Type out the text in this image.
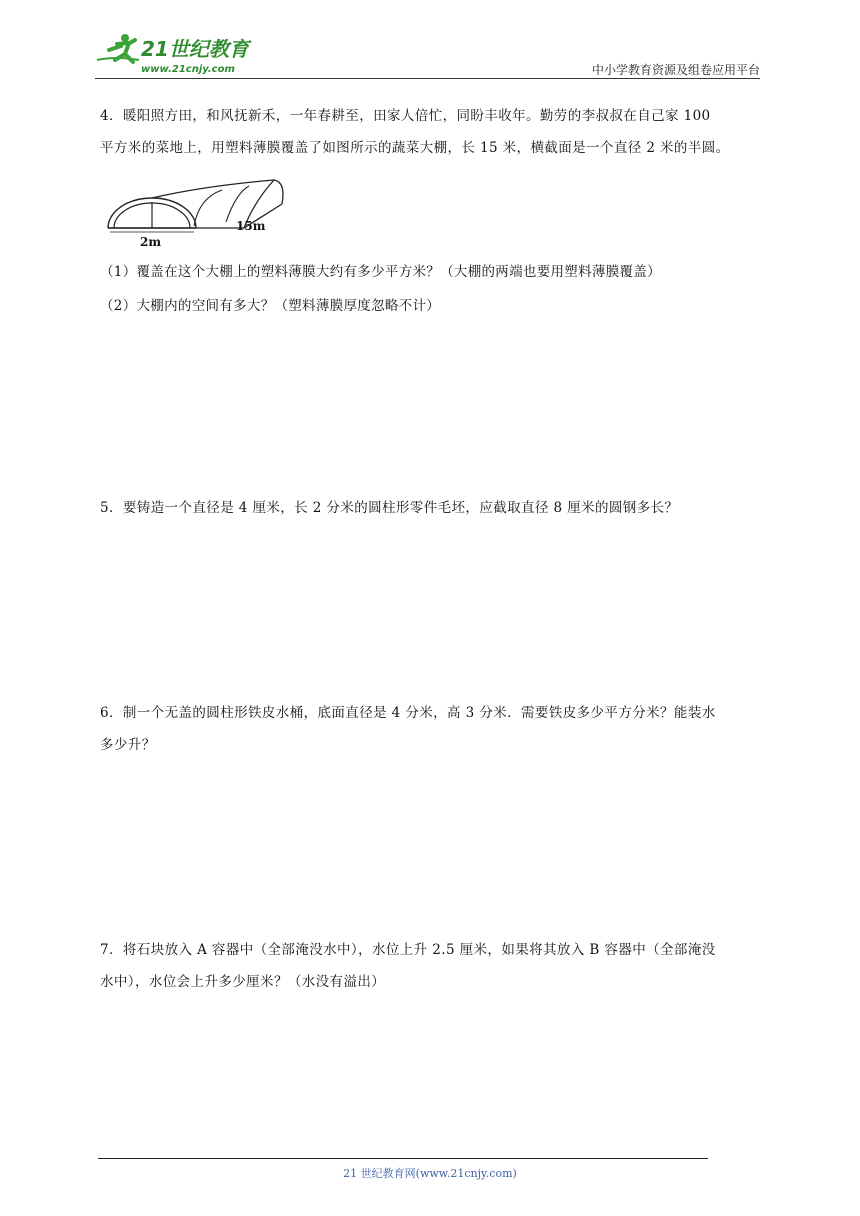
21世纪教育
www.21cnjy.com	中小学教育资源及组卷应用平台
4．暖阳照方田，和风抚新禾，一年春耕至，田家人倍忙，同盼丰收年。勤劳的李叔叔在自己家 100
平方米的菜地上，用塑料薄膜覆盖了如图所示的蔬菜大棚，长 15 米，横截面是一个直径 2 米的半圆。
2m
15m
（1）覆盖在这个大棚上的塑料薄膜大约有多少平方米？（大棚的两端也要用塑料薄膜覆盖）
（2）大棚内的空间有多大？（塑料薄膜厚度忽略不计）
5．要铸造一个直径是 4 厘米，长 2 分米的圆柱形零件毛坯，应截取直径 8 厘米的圆钢多长？
6．制一个无盖的圆柱形铁皮水桶，底面直径是 4 分米，高 3 分米．需要铁皮多少平方分米？能装水
多少升？
7．将石块放入 A 容器中（全部淹没水中），水位上升 2.5 厘米，如果将其放入 B 容器中（全部淹没
水中），水位会上升多少厘米？（水没有溢出）
21 世纪教育网(www.21cnjy.com)
